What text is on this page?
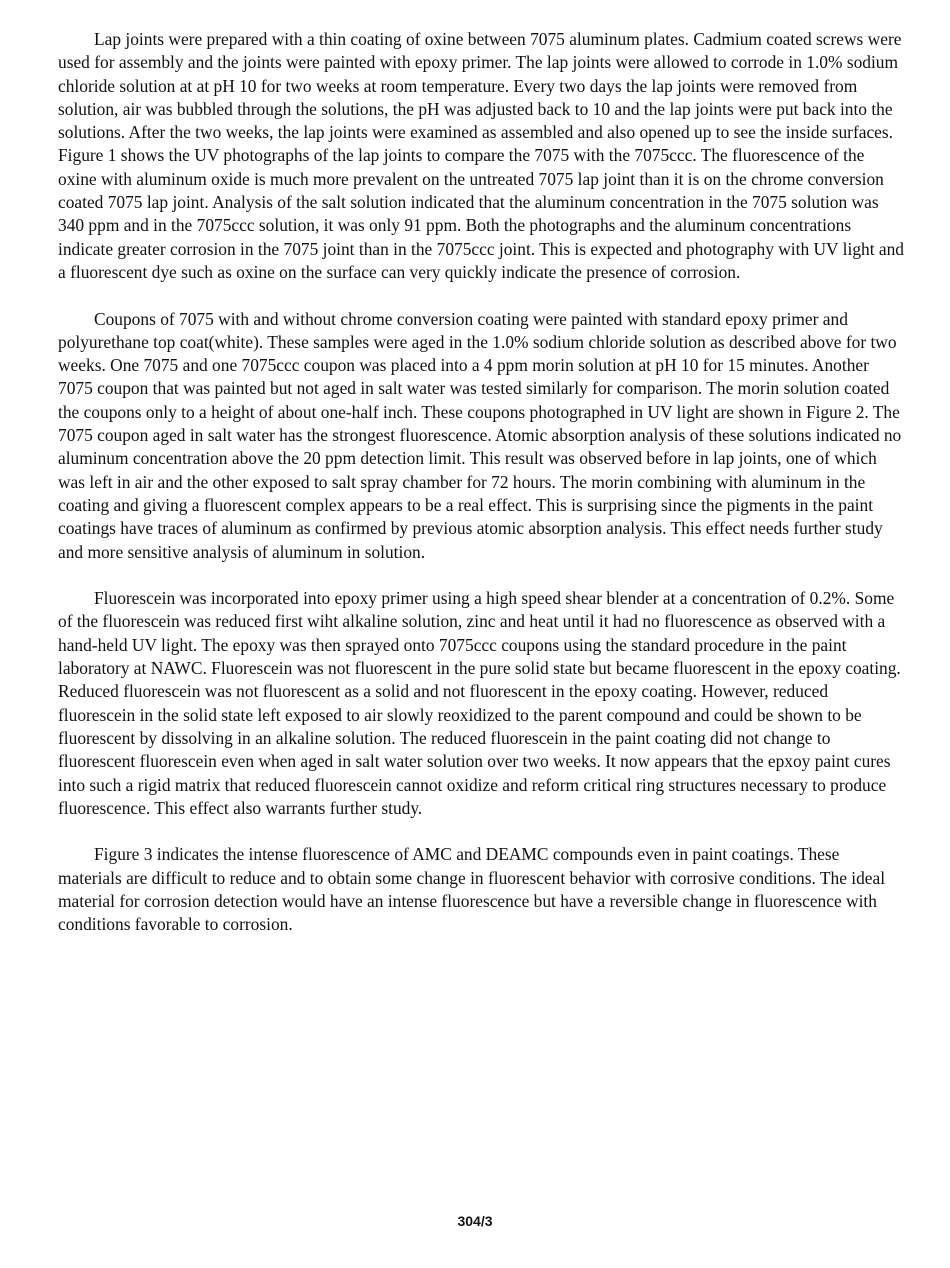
Lap joints were prepared with a thin coating of oxine between 7075 aluminum plates. Cadmium coated screws were used for assembly and the joints were painted with epoxy primer. The lap joints were allowed to corrode in 1.0% sodium chloride solution at at pH 10 for two weeks at room temperature. Every two days the lap joints were removed from solution, air was bubbled through the solutions, the pH was adjusted back to 10 and the lap joints were put back into the solutions. After the two weeks, the lap joints were examined as assembled and also opened up to see the inside surfaces. Figure 1 shows the UV photographs of the lap joints to compare the 7075 with the 7075ccc. The fluorescence of the oxine with aluminum oxide is much more prevalent on the untreated 7075 lap joint than it is on the chrome conversion coated 7075 lap joint. Analysis of the salt solution indicated that the aluminum concentration in the 7075 solution was 340 ppm and in the 7075ccc solution, it was only 91 ppm. Both the photographs and the aluminum concentrations indicate greater corrosion in the 7075 joint than in the 7075ccc joint. This is expected and photography with UV light and a fluorescent dye such as oxine on the surface can very quickly indicate the presence of corrosion.

Coupons of 7075 with and without chrome conversion coating were painted with standard epoxy primer and polyurethane top coat(white). These samples were aged in the 1.0% sodium chloride solution as described above for two weeks. One 7075 and one 7075ccc coupon was placed into a 4 ppm morin solution at pH 10 for 15 minutes. Another 7075 coupon that was painted but not aged in salt water was tested similarly for comparison. The morin solution coated the coupons only to a height of about one-half inch. These coupons photographed in UV light are shown in Figure 2. The 7075 coupon aged in salt water has the strongest fluorescence. Atomic absorption analysis of these solutions indicated no aluminum concentration above the 20 ppm detection limit. This result was observed before in lap joints, one of which was left in air and the other exposed to salt spray chamber for 72 hours. The morin combining with aluminum in the coating and giving a fluorescent complex appears to be a real effect. This is surprising since the pigments in the paint coatings have traces of aluminum as confirmed by previous atomic absorption analysis. This effect needs further study and more sensitive analysis of aluminum in solution.

Fluorescein was incorporated into epoxy primer using a high speed shear blender at a concentration of 0.2%. Some of the fluorescein was reduced first wiht alkaline solution, zinc and heat until it had no fluorescence as observed with a hand-held UV light. The epoxy was then sprayed onto 7075ccc coupons using the standard procedure in the paint laboratory at NAWC. Fluorescein was not fluorescent in the pure solid state but became fluorescent in the epoxy coating. Reduced fluorescein was not fluorescent as a solid and not fluorescent in the epoxy coating. However, reduced fluorescein in the solid state left exposed to air slowly reoxidized to the parent compound and could be shown to be fluorescent by dissolving in an alkaline solution. The reduced fluorescein in the paint coating did not change to fluorescent fluorescein even when aged in salt water solution over two weeks. It now appears that the epxoy paint cures into such a rigid matrix that reduced fluorescein cannot oxidize and reform critical ring structures necessary to produce fluorescence. This effect also warrants further study.

Figure 3 indicates the intense fluorescence of AMC and DEAMC compounds even in paint coatings. These materials are difficult to reduce and to obtain some change in fluorescent behavior with corrosive conditions. The ideal material for corrosion detection would have an intense fluorescence but have a reversible change in fluorescence with conditions favorable to corrosion.

304/3
